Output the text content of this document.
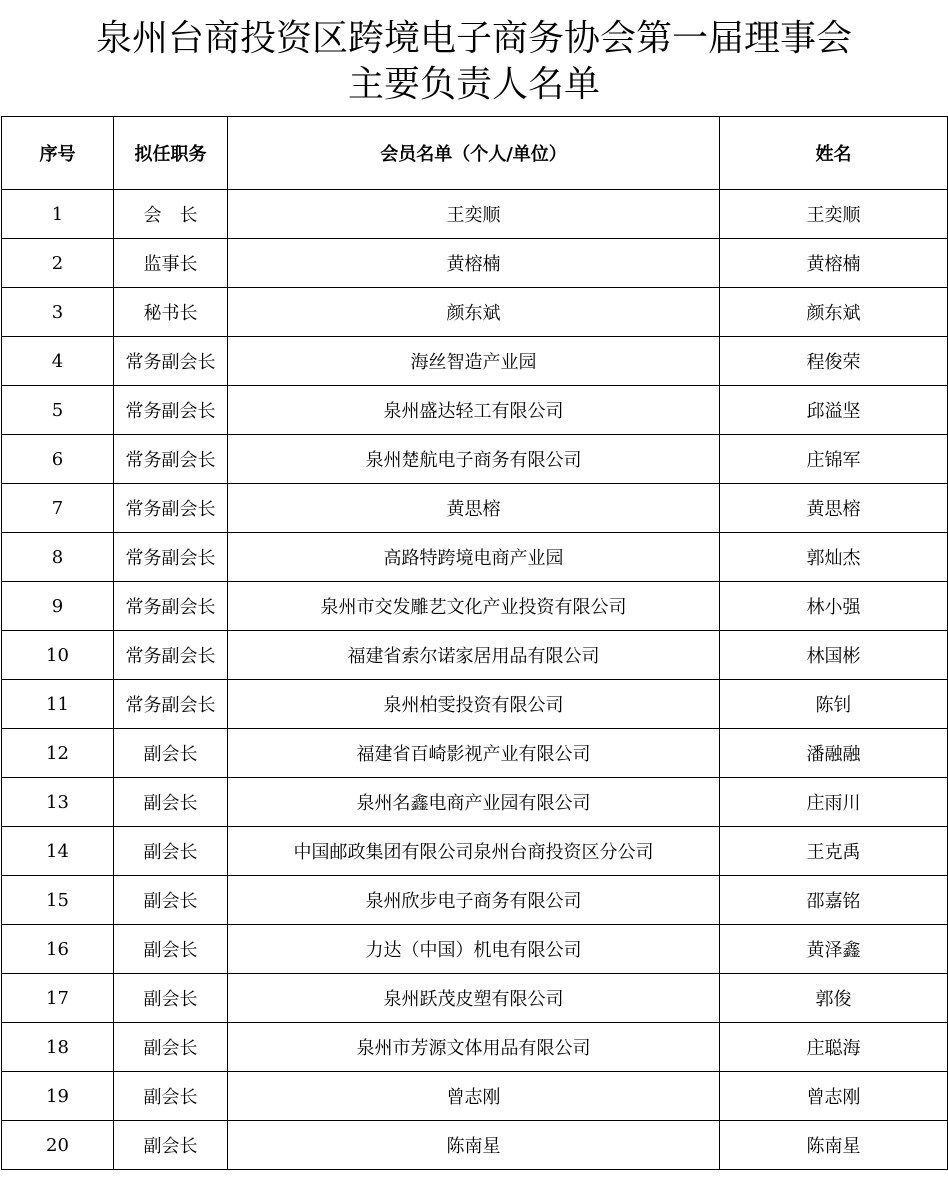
泉州台商投资区跨境电子商务协会第一届理事会
主要负责人名单
序号	拟任职务	会员名单（个人/单位）	姓名
1	会　长	王奕顺	王奕顺
2	监事长	黄榕楠	黄榕楠
3	秘书长	颜东斌	颜东斌
4	常务副会长	海丝智造产业园	程俊荣
5	常务副会长	泉州盛达轻工有限公司	邱溢坚
6	常务副会长	泉州楚航电子商务有限公司	庄锦军
7	常务副会长	黄思榕	黄思榕
8	常务副会长	高路特跨境电商产业园	郭灿杰
9	常务副会长	泉州市交发雕艺文化产业投资有限公司	林小强
10	常务副会长	福建省索尔诺家居用品有限公司	林国彬
11	常务副会长	泉州柏雯投资有限公司	陈钊
12	副会长	福建省百崎影视产业有限公司	潘融融
13	副会长	泉州名鑫电商产业园有限公司	庄雨川
14	副会长	中国邮政集团有限公司泉州台商投资区分公司	王克禹
15	副会长	泉州欣步电子商务有限公司	邵嘉铭
16	副会长	力达（中国）机电有限公司	黄泽鑫
17	副会长	泉州跃茂皮塑有限公司	郭俊
18	副会长	泉州市芳源文体用品有限公司	庄聪海
19	副会长	曾志刚	曾志刚
20	副会长	陈南星	陈南星
